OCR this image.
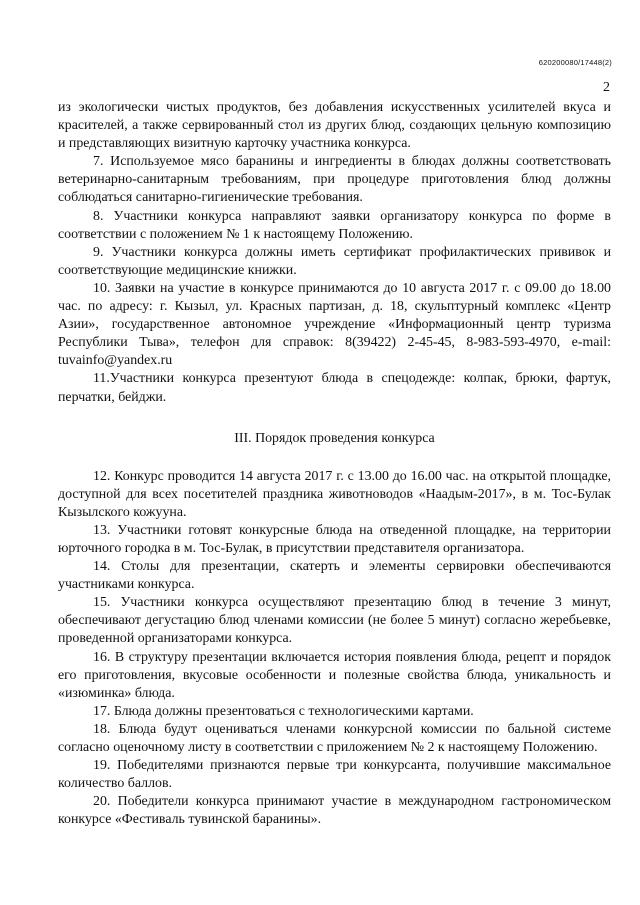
620200080/17448(2)
2

из экологически чистых продуктов, без добавления искусственных усилителей вкуса и красителей, а также сервированный стол из других блюд, создающих цельную композицию и представляющих визитную карточку участника конкурса.

7. Используемое мясо баранины и ингредиенты в блюдах должны соответствовать ветеринарно-санитарным требованиям, при процедуре приготовления блюд должны соблюдаться санитарно-гигиенические требования.

8. Участники конкурса направляют заявки организатору конкурса по форме в соответствии с положением № 1 к настоящему Положению.

9. Участники конкурса должны иметь сертификат профилактических прививок и соответствующие медицинские книжки.

10. Заявки на участие в конкурсе принимаются до 10 августа 2017 г. с 09.00 до 18.00 час. по адресу: г. Кызыл, ул. Красных партизан, д. 18, скульптурный комплекс «Центр Азии», государственное автономное учреждение «Информационный центр туризма Республики Тыва», телефон для справок: 8(39422) 2-45-45, 8-983-593-4970, e-mail: tuvainfo@yandex.ru

11.Участники конкурса презентуют блюда в спецодежде: колпак, брюки, фартук, перчатки, бейджи.

III. Порядок проведения конкурса

12. Конкурс проводится 14 августа 2017 г. с 13.00 до 16.00 час. на открытой площадке, доступной для всех посетителей праздника животноводов «Наадым-2017», в м. Тос-Булак Кызылского кожууна.

13. Участники готовят конкурсные блюда на отведенной площадке, на территории юрточного городка в м. Тос-Булак, в присутствии представителя организатора.

14. Столы для презентации, скатерть и элементы сервировки обеспечиваются участниками конкурса.

15. Участники конкурса осуществляют презентацию блюд в течение 3 минут, обеспечивают дегустацию блюд членами комиссии (не более 5 минут) согласно жеребьевке, проведенной организаторами конкурса.

16. В структуру презентации включается история появления блюда, рецепт и порядок его приготовления, вкусовые особенности и полезные свойства блюда, уникальность и «изюминка» блюда.

17. Блюда должны презентоваться с технологическими картами.

18. Блюда будут оцениваться членами конкурсной комиссии по бальной системе согласно оценочному листу в соответствии с приложением № 2 к настоящему Положению.

19. Победителями признаются первые три конкурсанта, получившие максимальное количество баллов.

20. Победители конкурса принимают участие в международном гастрономическом конкурсе «Фестиваль тувинской баранины».
